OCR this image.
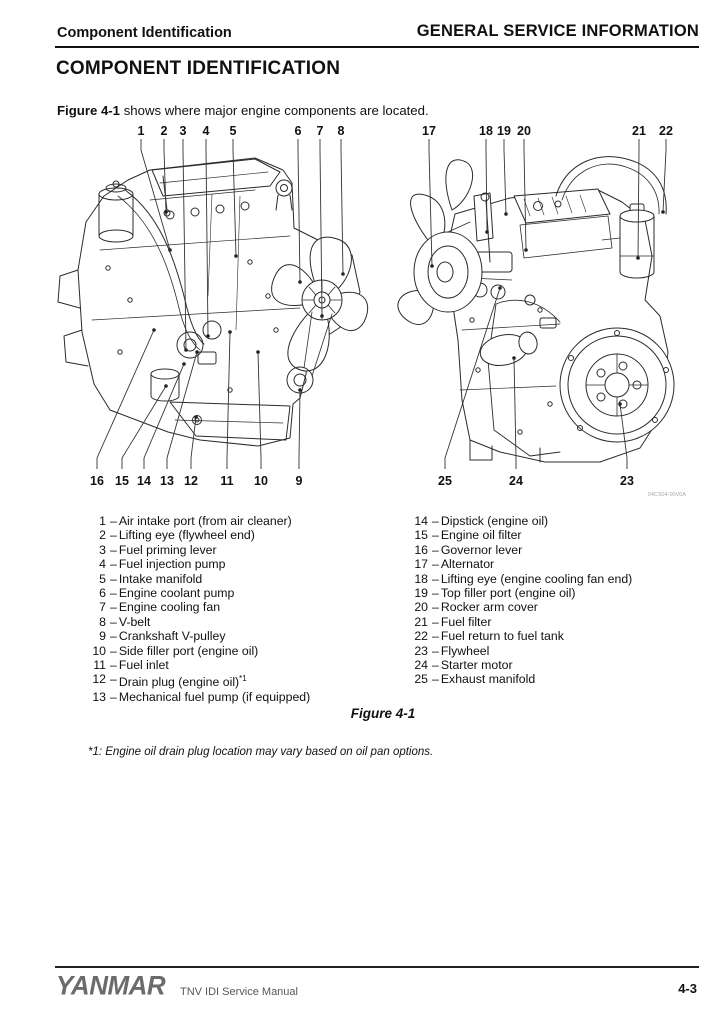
Component Identification	GENERAL SERVICE INFORMATION
COMPONENT IDENTIFICATION

Figure 4-1 shows where major engine components are located.

1 2 3 4 5	6 7 8
16 15 14 13 12 11 10 9
17	18 19 20	21 22
25	24	23
04CS04-00V0A
1 – Air intake port (from air cleaner)
2 – Lifting eye (flywheel end)
3 – Fuel priming lever
4 – Fuel injection pump
5 – Intake manifold
6 – Engine coolant pump
7 – Engine cooling fan
8 – V-belt
9 – Crankshaft V-pulley
10 – Side filler port (engine oil)
11 – Fuel inlet
12 – Drain plug (engine oil)$^{*1}$
13 – Mechanical fuel pump (if equipped)
14 – Dipstick (engine oil)
15 – Engine oil filter
16 – Governor lever
17 – Alternator
18 – Lifting eye (engine cooling fan end)
19 – Top filler port (engine oil)
20 – Rocker arm cover
21 – Fuel filter
22 – Fuel return to fuel tank
23 – Flywheel
24 – Starter motor
25 – Exhaust manifold
Figure 4-1
*1: Engine oil drain plug location may vary based on oil pan options.
YANMAR TNV IDI Service Manual	4-3
